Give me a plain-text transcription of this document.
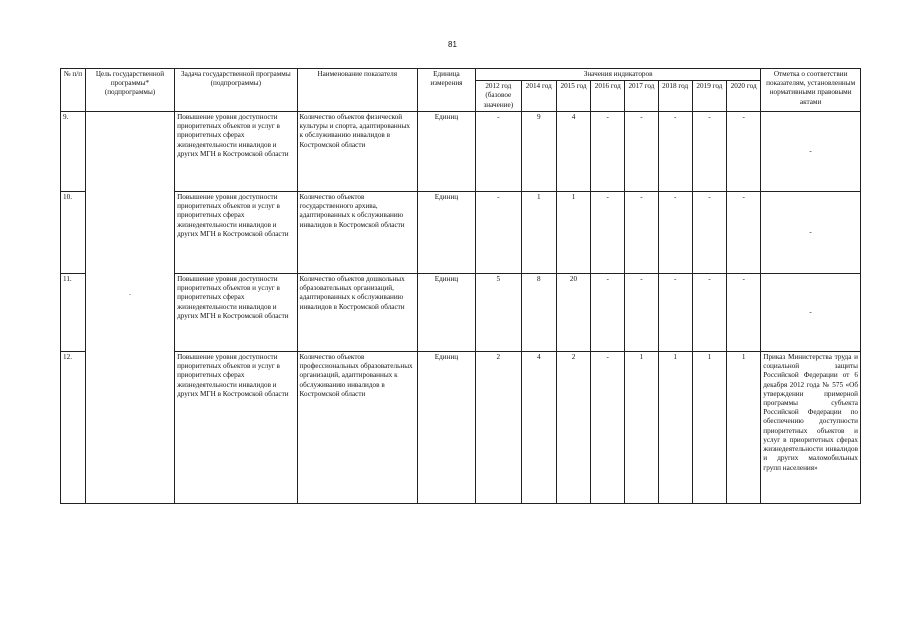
81
№ п/п	Цель государственной программы* (подпрограммы)	Задача государственной программы (подпрограммы)	Наименование показателя	Единица измерения	Значения индикаторов								Отметка о соответствии показателям, установленным нормативными правовыми актами
					2012 год (базовое значение)	2014 год	2015 год	2016 год	2017 год	2018 год	2019 год	2020 год	
9.	·	Повышение уровня доступности приоритетных объектов и услуг в приоритетных сферах жизнедеятельности инвалидов и других МГН в Костромской области	Количество объектов физической культуры и спорта, адаптированных к обслуживанию инвалидов в Костромской области	Единиц	-	9	4	-	-	-	-	-	-
10.		Повышение уровня доступности приоритетных объектов и услуг в приоритетных сферах жизнедеятельности инвалидов и других МГН в Костромской области	Количество объектов государственного архива, адаптированных к обслуживанию инвалидов в Костромской области	Единиц	-	1	1	-	-	-	-	-	-
11.		Повышение уровня доступности приоритетных объектов и услуг в приоритетных сферах жизнедеятельности инвалидов и других МГН в Костромской области	Количество объектов дошкольных образовательных организаций, адаптированных к обслуживанию инвалидов в Костромской области	Единиц	5	8	20	-	-	-	-	-	-
12.		Повышение уровня доступности приоритетных объектов и услуг в приоритетных сферах жизнедеятельности инвалидов и других МГН в Костромской области	Количество объектов профессиональных образовательных организаций, адаптированных к обслуживанию инвалидов в Костромской области	Единиц	2	4	2	-	1	1	1	1	Приказ Министерства труда и социальной защиты Российской Федерации от 6 декабря 2012 года № 575 «Об утверждении примерной программы субъекта Российской Федерации по обеспечению доступности приоритетных объектов и услуг в приоритетных сферах жизнедеятельности инвалидов и других маломобильных групп населения»
